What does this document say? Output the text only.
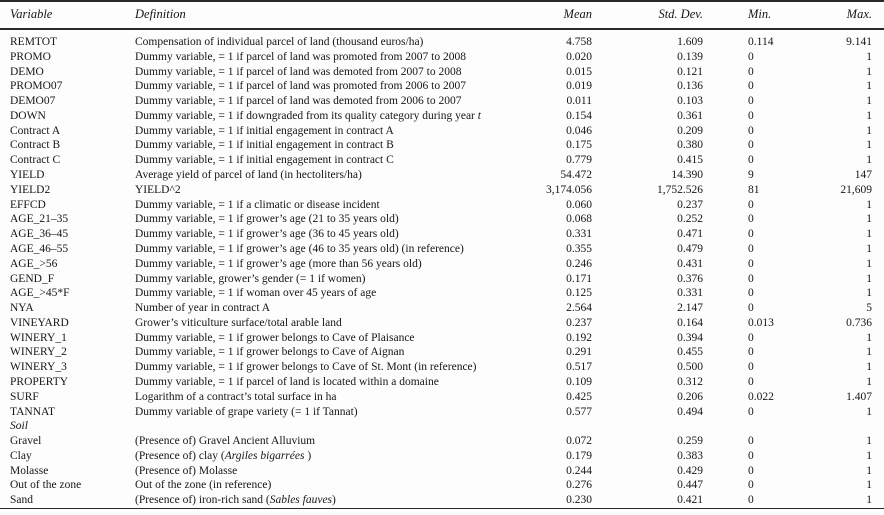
Variable	Definition	Mean	Std. Dev.	Min.	Max.
REMTOT	Compensation of individual parcel of land (thousand euros/ha)	4.758	1.609	0.114	9.141
PROMO	Dummy variable, = 1 if parcel of land was promoted from 2007 to 2008	0.020	0.139	0	1
DEMO	Dummy variable, = 1 if parcel of land was demoted from 2007 to 2008	0.015	0.121	0	1
PROMO07	Dummy variable, = 1 if parcel of land was promoted from 2006 to 2007	0.019	0.136	0	1
DEMO07	Dummy variable, = 1 if parcel of land was demoted from 2006 to 2007	0.011	0.103	0	1
DOWN	Dummy variable, = 1 if downgraded from its quality category during year t	0.154	0.361	0	1
Contract A	Dummy variable, = 1 if initial engagement in contract A	0.046	0.209	0	1
Contract B	Dummy variable, = 1 if initial engagement in contract B	0.175	0.380	0	1
Contract C	Dummy variable, = 1 if initial engagement in contract C	0.779	0.415	0	1
YIELD	Average yield of parcel of land (in hectoliters/ha)	54.472	14.390	9	147
YIELD2	YIELD^2	3,174.056	1,752.526	81	21,609
EFFCD	Dummy variable, = 1 if a climatic or disease incident	0.060	0.237	0	1
AGE_21–35	Dummy variable, = 1 if grower’s age (21 to 35 years old)	0.068	0.252	0	1
AGE_36–45	Dummy variable, = 1 if grower’s age (36 to 45 years old)	0.331	0.471	0	1
AGE_46–55	Dummy variable, = 1 if grower’s age (46 to 35 years old) (in reference)	0.355	0.479	0	1
AGE_>56	Dummy variable, = 1 if grower’s age (more than 56 years old)	0.246	0.431	0	1
GEND_F	Dummy variable, grower’s gender (= 1 if women)	0.171	0.376	0	1
AGE_>45*F	Dummy variable, = 1 if woman over 45 years of age	0.125	0.331	0	1
NYA	Number of year in contract A	2.564	2.147	0	5
VINEYARD	Grower’s viticulture surface/total arable land	0.237	0.164	0.013	0.736
WINERY_1	Dummy variable, = 1 if grower belongs to Cave of Plaisance	0.192	0.394	0	1
WINERY_2	Dummy variable, = 1 if grower belongs to Cave of Aignan	0.291	0.455	0	1
WINERY_3	Dummy variable, = 1 if grower belongs to Cave of St. Mont (in reference)	0.517	0.500	0	1
PROPERTY	Dummy variable, = 1 if parcel of land is located within a domaine	0.109	0.312	0	1
SURF	Logarithm of a contract’s total surface in ha	0.425	0.206	0.022	1.407
TANNAT	Dummy variable of grape variety (= 1 if Tannat)	0.577	0.494	0	1
Soil					
Gravel	(Presence of) Gravel Ancient Alluvium	0.072	0.259	0	1
Clay	(Presence of) clay (Argiles bigarrées )	0.179	0.383	0	1
Molasse	(Presence of) Molasse	0.244	0.429	0	1
Out of the zone	Out of the zone (in reference)	0.276	0.447	0	1
Sand	(Presence of) iron-rich sand (Sables fauves)	0.230	0.421	0	1
